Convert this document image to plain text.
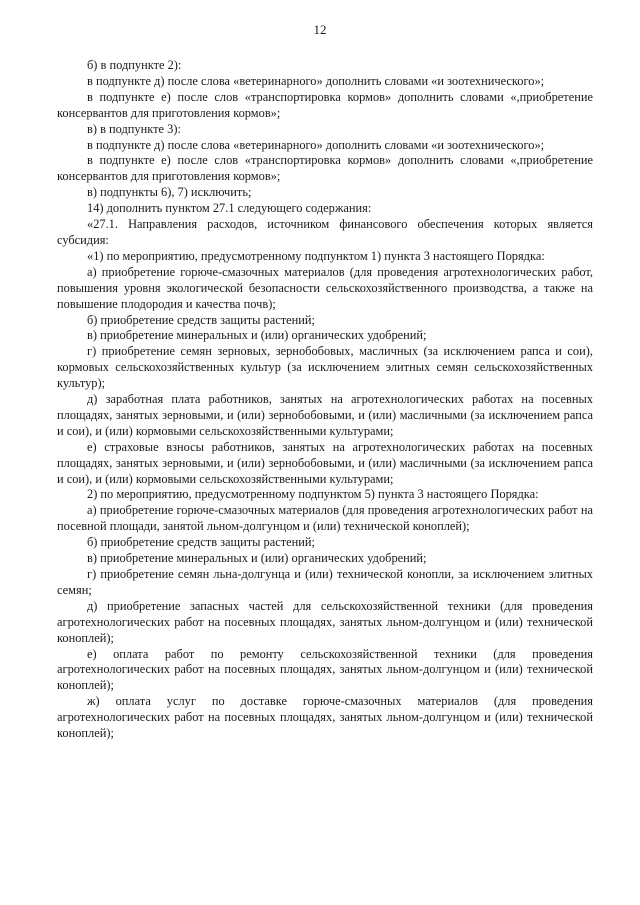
12

б) в подпункте 2):

в подпункте д) после слова «ветеринарного» дополнить словами «и зоотехнического»;

в подпункте е) после слов «транспортировка кормов» дополнить словами «,приобретение консервантов для приготовления кормов»;

в) в подпункте 3):

в подпункте д) после слова «ветеринарного» дополнить словами «и зоотехнического»;

в подпункте е) после слов «транспортировка кормов» дополнить словами «,приобретение консервантов для приготовления кормов»;

в) подпункты 6), 7) исключить;

14) дополнить пунктом 27.1 следующего содержания:

«27.1. Направления расходов, источником финансового обеспечения которых является субсидия:

«1) по мероприятию, предусмотренному подпунктом 1) пункта 3 настоящего Порядка:

а) приобретение горюче-смазочных материалов (для проведения агротехнологических работ, повышения уровня экологической безопасности сельскохозяйственного производства, а также на повышение плодородия и качества почв);

б) приобретение средств защиты растений;

в) приобретение минеральных и (или) органических удобрений;

г) приобретение семян зерновых, зернобобовых, масличных (за исключением рапса и сои), кормовых сельскохозяйственных культур (за исключением элитных семян сельскохозяйственных культур);

д) заработная плата работников, занятых на агротехнологических работах на посевных площадях, занятых зерновыми, и (или) зернобобовыми, и (или) масличными (за исключением рапса и сои), и (или) кормовыми сельскохозяйственными культурами;

е) страховые взносы работников, занятых на агротехнологических работах на посевных площадях, занятых зерновыми, и (или) зернобобовыми, и (или) масличными (за исключением рапса и сои), и (или) кормовыми сельскохозяйственными культурами;

2) по мероприятию, предусмотренному подпунктом 5) пункта 3 настоящего Порядка:

а) приобретение горюче-смазочных материалов (для проведения агротехнологических работ на посевной площади, занятой льном-долгунцом и (или) технической коноплей);

б) приобретение средств защиты растений;

в) приобретение минеральных и (или) органических удобрений;

г) приобретение семян льна-долгунца и (или) технической конопли, за исключением элитных семян;

д) приобретение запасных частей для сельскохозяйственной техники (для проведения агротехнологических работ на посевных площадях, занятых льном-долгунцом и (или) технической коноплей);

е) оплата работ по ремонту сельскохозяйственной техники (для проведения агротехнологических работ на посевных площадях, занятых льном-долгунцом и (или) технической коноплей);

ж) оплата услуг по доставке горюче-смазочных материалов (для проведения агротехнологических работ на посевных площадях, занятых льном-долгунцом и (или) технической коноплей);
